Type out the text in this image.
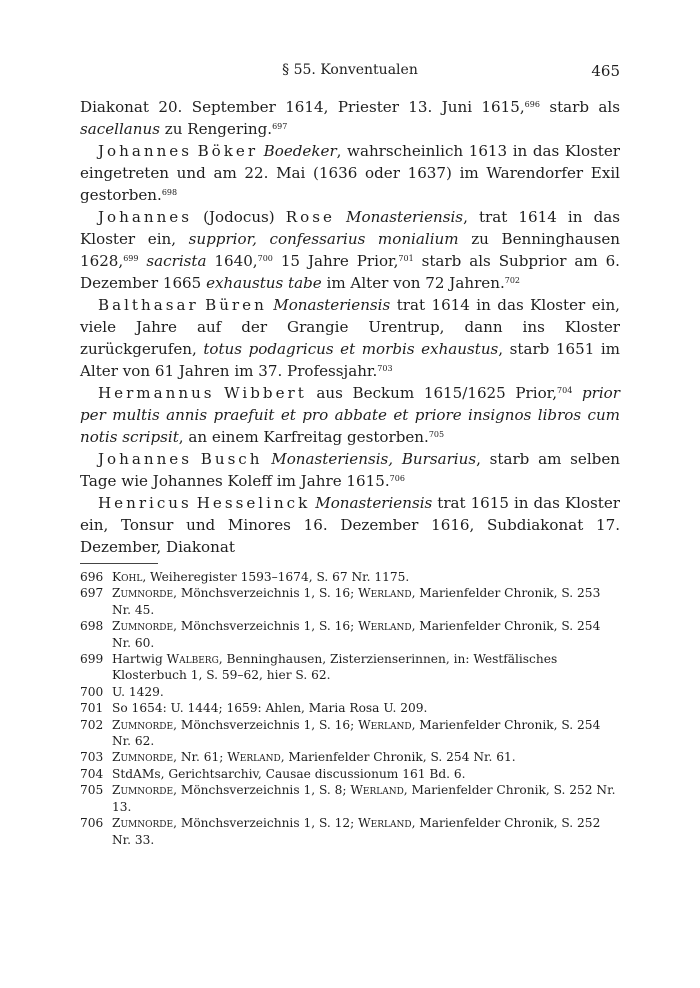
§ 55. Konventualen	465

Diakonat 20. September 1614, Priester 13. Juni 1615,$^{696}$ starb als sacellanus zu Rengering.$^{697}$

Johannes Böker Boedeker, wahrscheinlich 1613 in das Kloster eingetreten und am 22. Mai (1636 oder 1637) im Warendorfer Exil gestorben.$^{698}$

Johannes (Jodocus) Rose Monasteriensis, trat 1614 in das Kloster ein, supprior, confessarius monialium zu Benninghausen 1628,$^{699}$ sacrista 1640,$^{700}$ 15 Jahre Prior,$^{701}$ starb als Subprior am 6. Dezember 1665 exhaustus tabe im Alter von 72 Jahren.$^{702}$

Balthasar Büren Monasteriensis trat 1614 in das Kloster ein, viele Jahre auf der Grangie Urentrup, dann ins Kloster zurückgerufen, totus podagricus et morbis exhaustus, starb 1651 im Alter von 61 Jahren im 37. Professjahr.$^{703}$

Hermannus Wibbert aus Beckum 1615/1625 Prior,$^{704}$ prior per multis annis praefuit et pro abbate et priore insignos libros cum notis scripsit, an einem Karfreitag gestorben.$^{705}$

Johannes Busch Monasteriensis, Bursarius, starb am selben Tage wie Johannes Koleff im Jahre 1615.$^{706}$

Henricus Hesselinck Monasteriensis trat 1615 in das Kloster ein, Tonsur und Minores 16. Dezember 1616, Subdiakonat 17. Dezember, Diakonat

696 Kohl, Weiheregister 1593–1674, S. 67 Nr. 1175.
697 Zumnorde, Mönchsverzeichnis 1, S. 16; Werland, Marienfelder Chronik, S. 253 Nr. 45.
698 Zumnorde, Mönchsverzeichnis 1, S. 16; Werland, Marienfelder Chronik, S. 254 Nr. 60.
699 Hartwig Walberg, Benninghausen, Zisterzienserinnen, in: Westfälisches Klosterbuch 1, S. 59–62, hier S. 62.
700 U. 1429.
701 So 1654: U. 1444; 1659: Ahlen, Maria Rosa U. 209.
702 Zumnorde, Mönchsverzeichnis 1, S. 16; Werland, Marienfelder Chronik, S. 254 Nr. 62.
703 Zumnorde, Nr. 61; Werland, Marienfelder Chronik, S. 254 Nr. 61.
704 StdAMs, Gerichtsarchiv, Causae discussionum 161 Bd. 6.
705 Zumnorde, Mönchsverzeichnis 1, S. 8; Werland, Marienfelder Chronik, S. 252 Nr. 13.
706 Zumnorde, Mönchsverzeichnis 1, S. 12; Werland, Marienfelder Chronik, S. 252 Nr. 33.
